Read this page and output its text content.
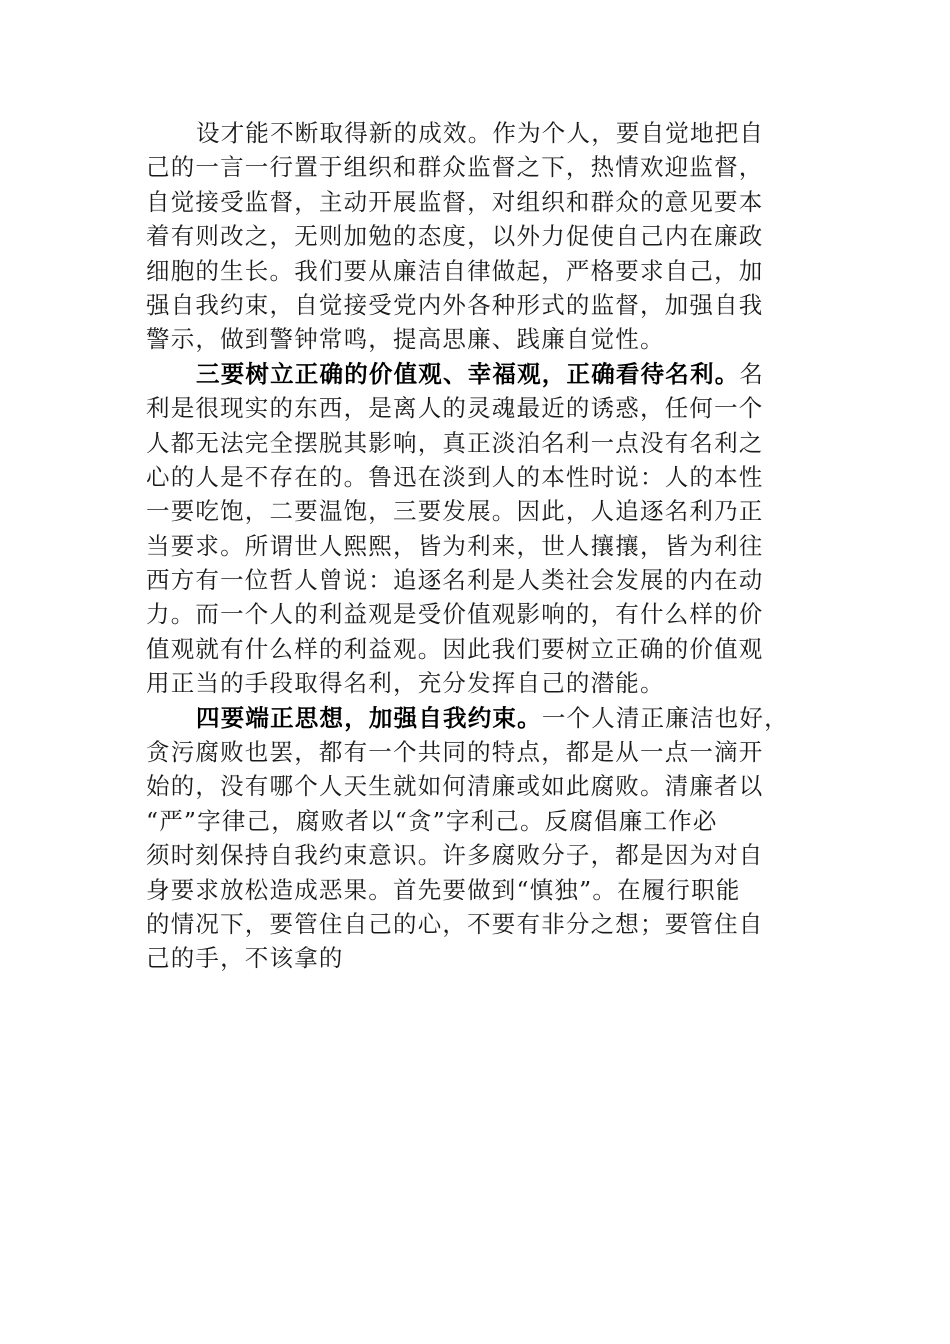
设才能不断取得新的成效。作为个人，要自觉地把自
己的一言一行置于组织和群众监督之下，热情欢迎监督，
自觉接受监督，主动开展监督，对组织和群众的意见要本
着有则改之，无则加勉的态度，以外力促使自己内在廉政
细胞的生长。我们要从廉洁自律做起，严格要求自己，加
强自我约束，自觉接受党内外各种形式的监督，加强自我
警示，做到警钟常鸣，提高思廉、践廉自觉性。
三要树立正确的价值观、幸福观，正确看待名利。名
利是很现实的东西，是离人的灵魂最近的诱惑，任何一个
人都无法完全摆脱其影响，真正淡泊名利一点没有名利之
心的人是不存在的。鲁迅在淡到人的本性时说：人的本性
一要吃饱，二要温饱，三要发展。因此，人追逐名利乃正
当要求。所谓世人熙熙，皆为利来，世人攘攘，皆为利往
西方有一位哲人曾说：追逐名利是人类社会发展的内在动
力。而一个人的利益观是受价值观影响的，有什么样的价
值观就有什么样的利益观。因此我们要树立正确的价值观
用正当的手段取得名利，充分发挥自己的潜能。
四要端正思想，加强自我约束。一个人清正廉洁也好，
贪污腐败也罢，都有一个共同的特点，都是从一点一滴开
始的，没有哪个人天生就如何清廉或如此腐败。清廉者以
“严”字律己，腐败者以“贪”字利己。反腐倡廉工作必
须时刻保持自我约束意识。许多腐败分子，都是因为对自
身要求放松造成恶果。首先要做到“慎独”。在履行职能
的情况下，要管住自己的心，不要有非分之想；要管住自
己的手，不该拿的
